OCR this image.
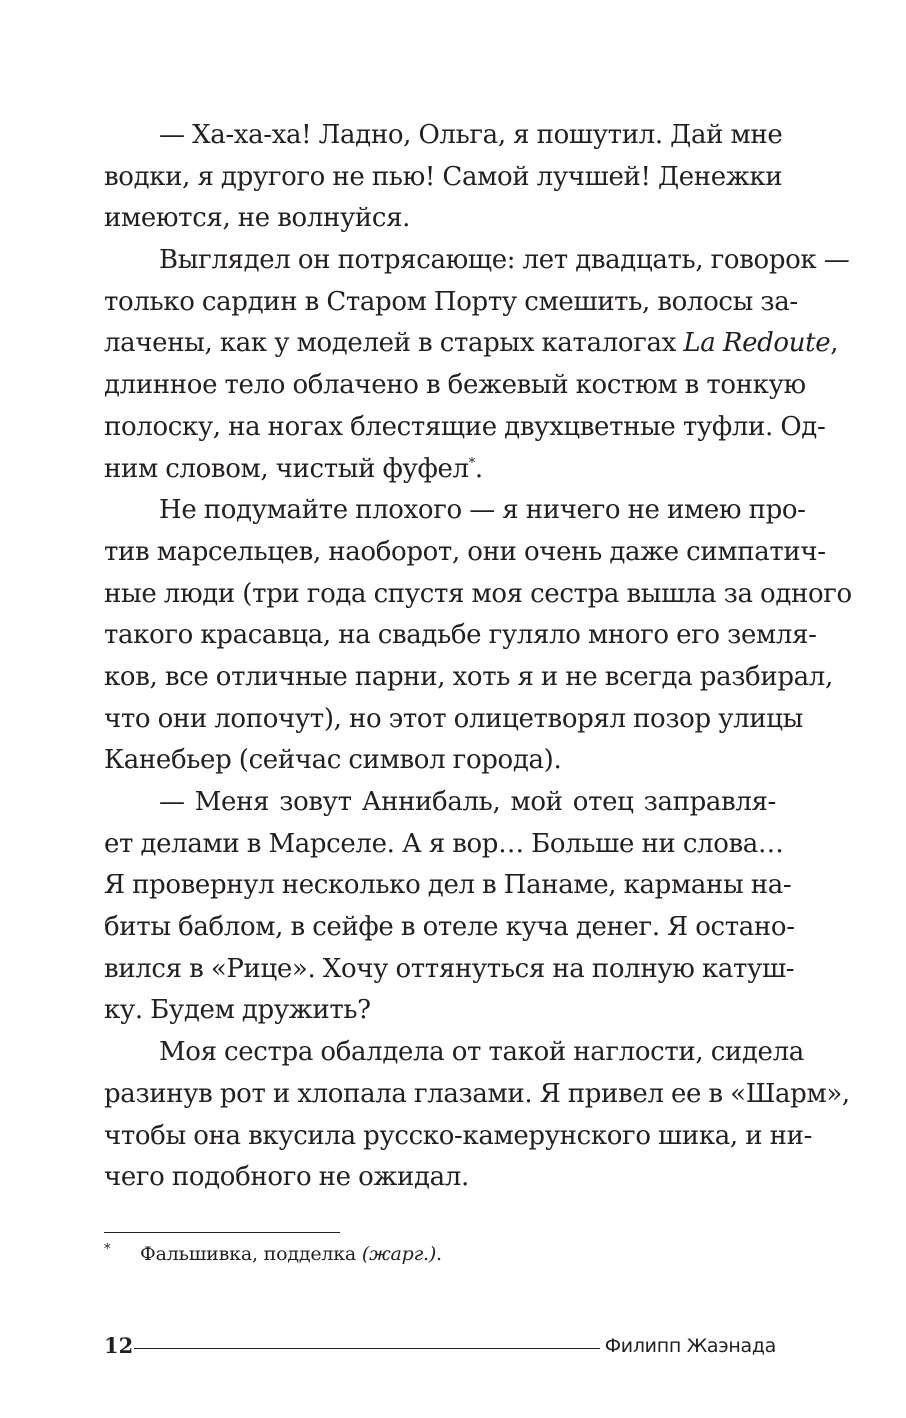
— Ха-ха-ха! Ладно, Ольга, я пошутил. Дай мне
водки, я другого не пью! Самой лучшей! Денежки
имеются, не волнуйся.
Выглядел он потрясающе: лет двадцать, говорок —
только сардин в Старом Порту смешить, волосы за-
лачены, как у моделей в старых каталогах La Redoute,
длинное тело облачено в бежевый костюм в тонкую
полоску, на ногах блестящие двухцветные туфли. Од-
ним словом, чистый фуфел*.
Не подумайте плохого — я ничего не имею про-
тив марсельцев, наоборот, они очень даже симпатич-
ные люди (три года спустя моя сестра вышла за одного
такого красавца, на свадьбе гуляло много его земля-
ков, все отличные парни, хоть я и не всегда разбирал,
что они лопочут), но этот олицетворял позор улицы
Канебьер (сейчас символ города).
— Меня зовут Аннибаль, мой отец заправля-
ет делами в Марселе. А я вор… Больше ни слова…
Я провернул несколько дел в Панаме, карманы на-
биты баблом, в сейфе в отеле куча денег. Я остано-
вился в «Рице». Хочу оттянуться на полную катуш-
ку. Будем дружить?
Моя сестра обалдела от такой наглости, сидела
разинув рот и хлопала глазами. Я привел ее в «Шарм»,
чтобы она вкусила русско-камерунского шика, и ни-
чего подобного не ожидал.
* Фальшивка, подделка (жарг.).
12	Филипп Жаэнада
